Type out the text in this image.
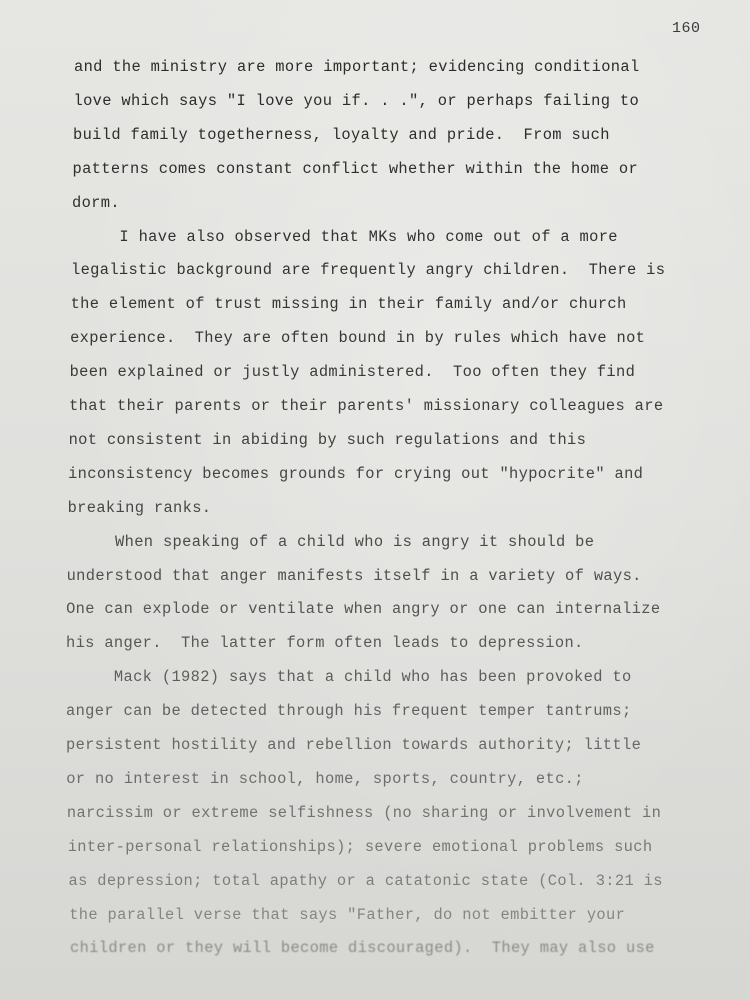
160
and the ministry are more important; evidencing conditional
love which says "I love you if. . .", or perhaps failing to
build family togetherness, loyalty and pride.  From such
patterns comes constant conflict whether within the home or
dorm.
I have also observed that MKs who come out of a more
legalistic background are frequently angry children.  There is
the element of trust missing in their family and/or church
experience.  They are often bound in by rules which have not
been explained or justly administered.  Too often they find
that their parents or their parents' missionary colleagues are
not consistent in abiding by such regulations and this
inconsistency becomes grounds for crying out "hypocrite" and
breaking ranks.
When speaking of a child who is angry it should be
understood that anger manifests itself in a variety of ways.
One can explode or ventilate when angry or one can internalize
his anger.  The latter form often leads to depression.
Mack (1982) says that a child who has been provoked to
anger can be detected through his frequent temper tantrums;
persistent hostility and rebellion towards authority; little
or no interest in school, home, sports, country, etc.;
narcissim or extreme selfishness (no sharing or involvement in
inter-personal relationships); severe emotional problems such
as depression; total apathy or a catatonic state (Col. 3:21 is
the parallel verse that says "Father, do not embitter your
children or they will become discouraged).  They may also use
